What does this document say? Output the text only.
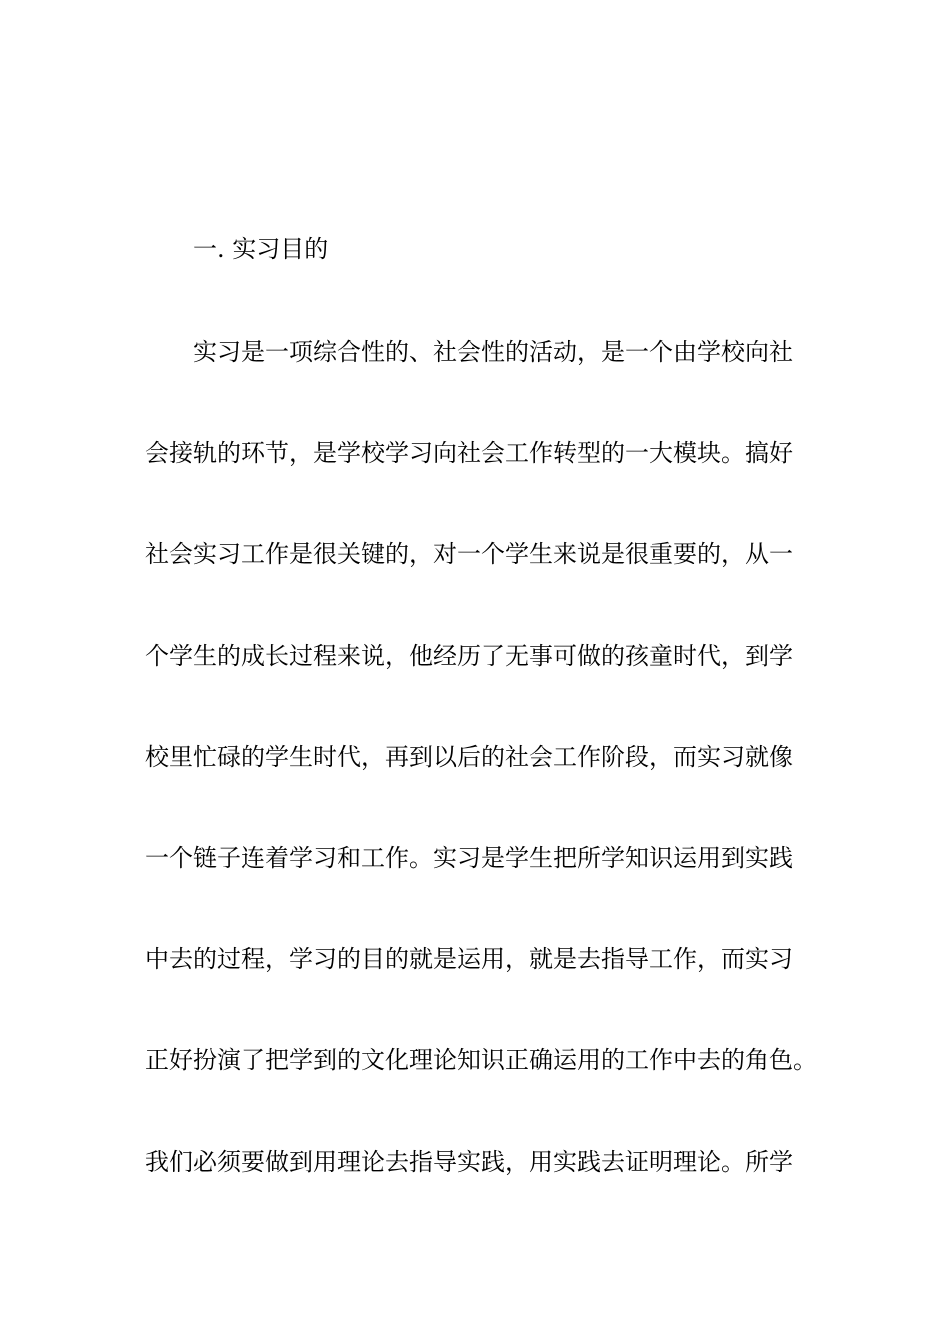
一. 实习目的
实习是一项综合性的、社会性的活动，是一个由学校向社
会接轨的环节，是学校学习向社会工作转型的一大模块。搞好
社会实习工作是很关键的，对一个学生来说是很重要的，从一
个学生的成长过程来说，他经历了无事可做的孩童时代，到学
校里忙碌的学生时代，再到以后的社会工作阶段，而实习就像
一个链子连着学习和工作。实习是学生把所学知识运用到实践
中去的过程，学习的目的就是运用，就是去指导工作，而实习
正好扮演了把学到的文化理论知识正确运用的工作中去的角色。
我们必须要做到用理论去指导实践，用实践去证明理论。所学
